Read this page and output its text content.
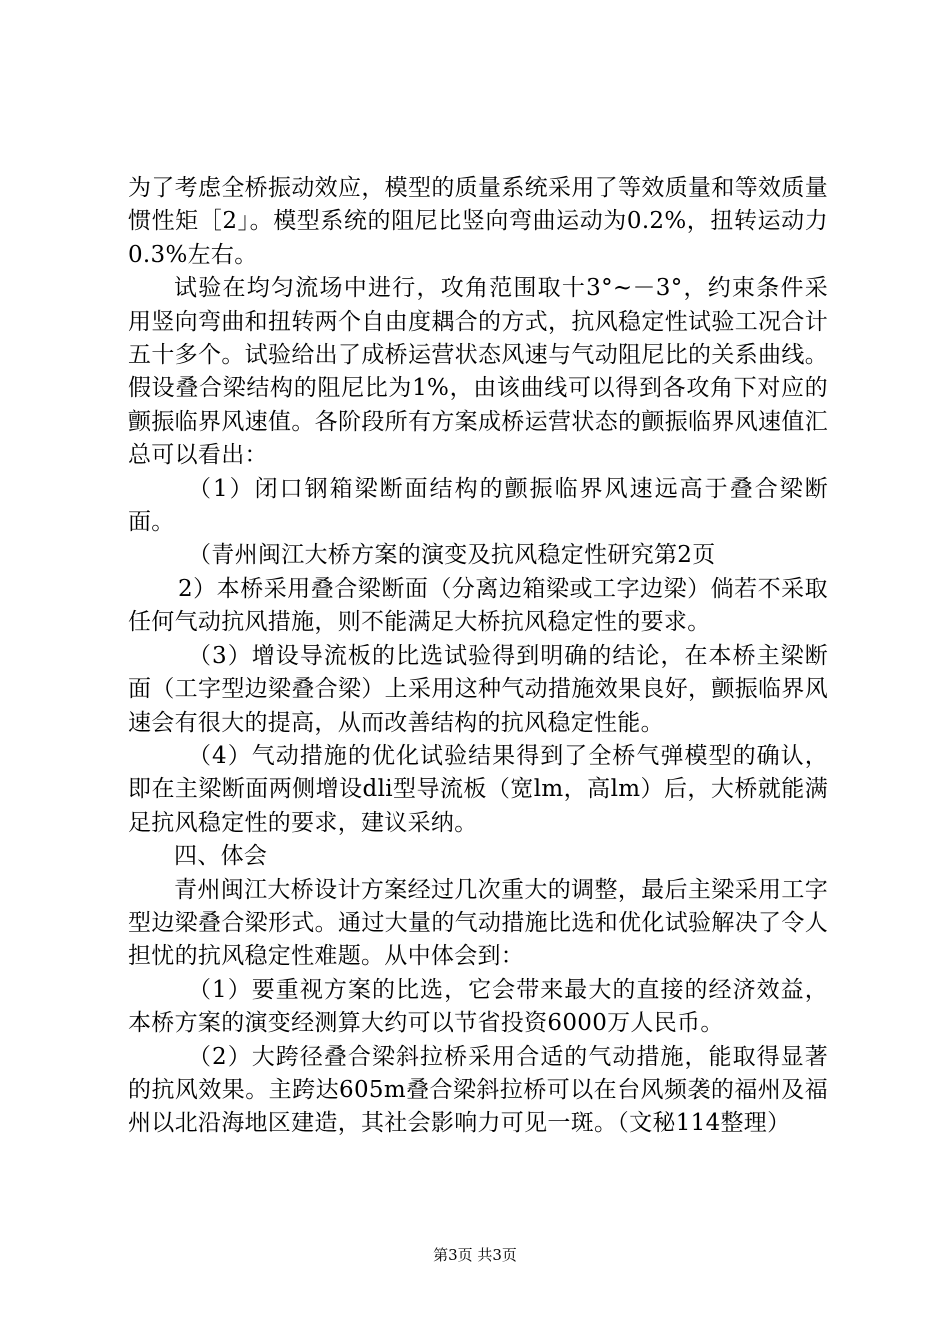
为了考虑全桥振动效应，模型的质量系统采用了等效质量和等效质量惯性矩［2」。模型系统的阻尼比竖向弯曲运动为0.2%，扭转运动力0.3%左右。

试验在均匀流场中进行，攻角范围取十3°~－3°，约束条件采用竖向弯曲和扭转两个自由度耦合的方式，抗风稳定性试验工况合计五十多个。试验给出了成桥运营状态风速与气动阻尼比的关系曲线。假设叠合梁结构的阻尼比为1%，由该曲线可以得到各攻角下对应的颤振临界风速值。各阶段所有方案成桥运营状态的颤振临界风速值汇总可以看出：

（1）闭口钢箱梁断面结构的颤振临界风速远高于叠合梁断面。

（青州闽江大桥方案的演变及抗风稳定性研究第2页

2）本桥采用叠合梁断面（分离边箱梁或工字边梁）倘若不采取任何气动抗风措施，则不能满足大桥抗风稳定性的要求。

（3）增设导流板的比选试验得到明确的结论，在本桥主梁断面（工字型边梁叠合梁）上采用这种气动措施效果良好，颤振临界风速会有很大的提高，从而改善结构的抗风稳定性能。

（4）气动措施的优化试验结果得到了全桥气弹模型的确认，即在主梁断面两侧增设dli型导流板（宽lm，高lm）后，大桥就能满足抗风稳定性的要求，建议采纳。

四、体会

青州闽江大桥设计方案经过几次重大的调整，最后主梁采用工字型边梁叠合梁形式。通过大量的气动措施比选和优化试验解决了令人担忧的抗风稳定性难题。从中体会到：

（1）要重视方案的比选，它会带来最大的直接的经济效益，本桥方案的演变经测算大约可以节省投资6000万人民币。

（2）大跨径叠合梁斜拉桥采用合适的气动措施，能取得显著的抗风效果。主跨达605m叠合梁斜拉桥可以在台风频袭的福州及福州以北沿海地区建造，其社会影响力可见一斑。（文秘114整理）

第3页 共3页
